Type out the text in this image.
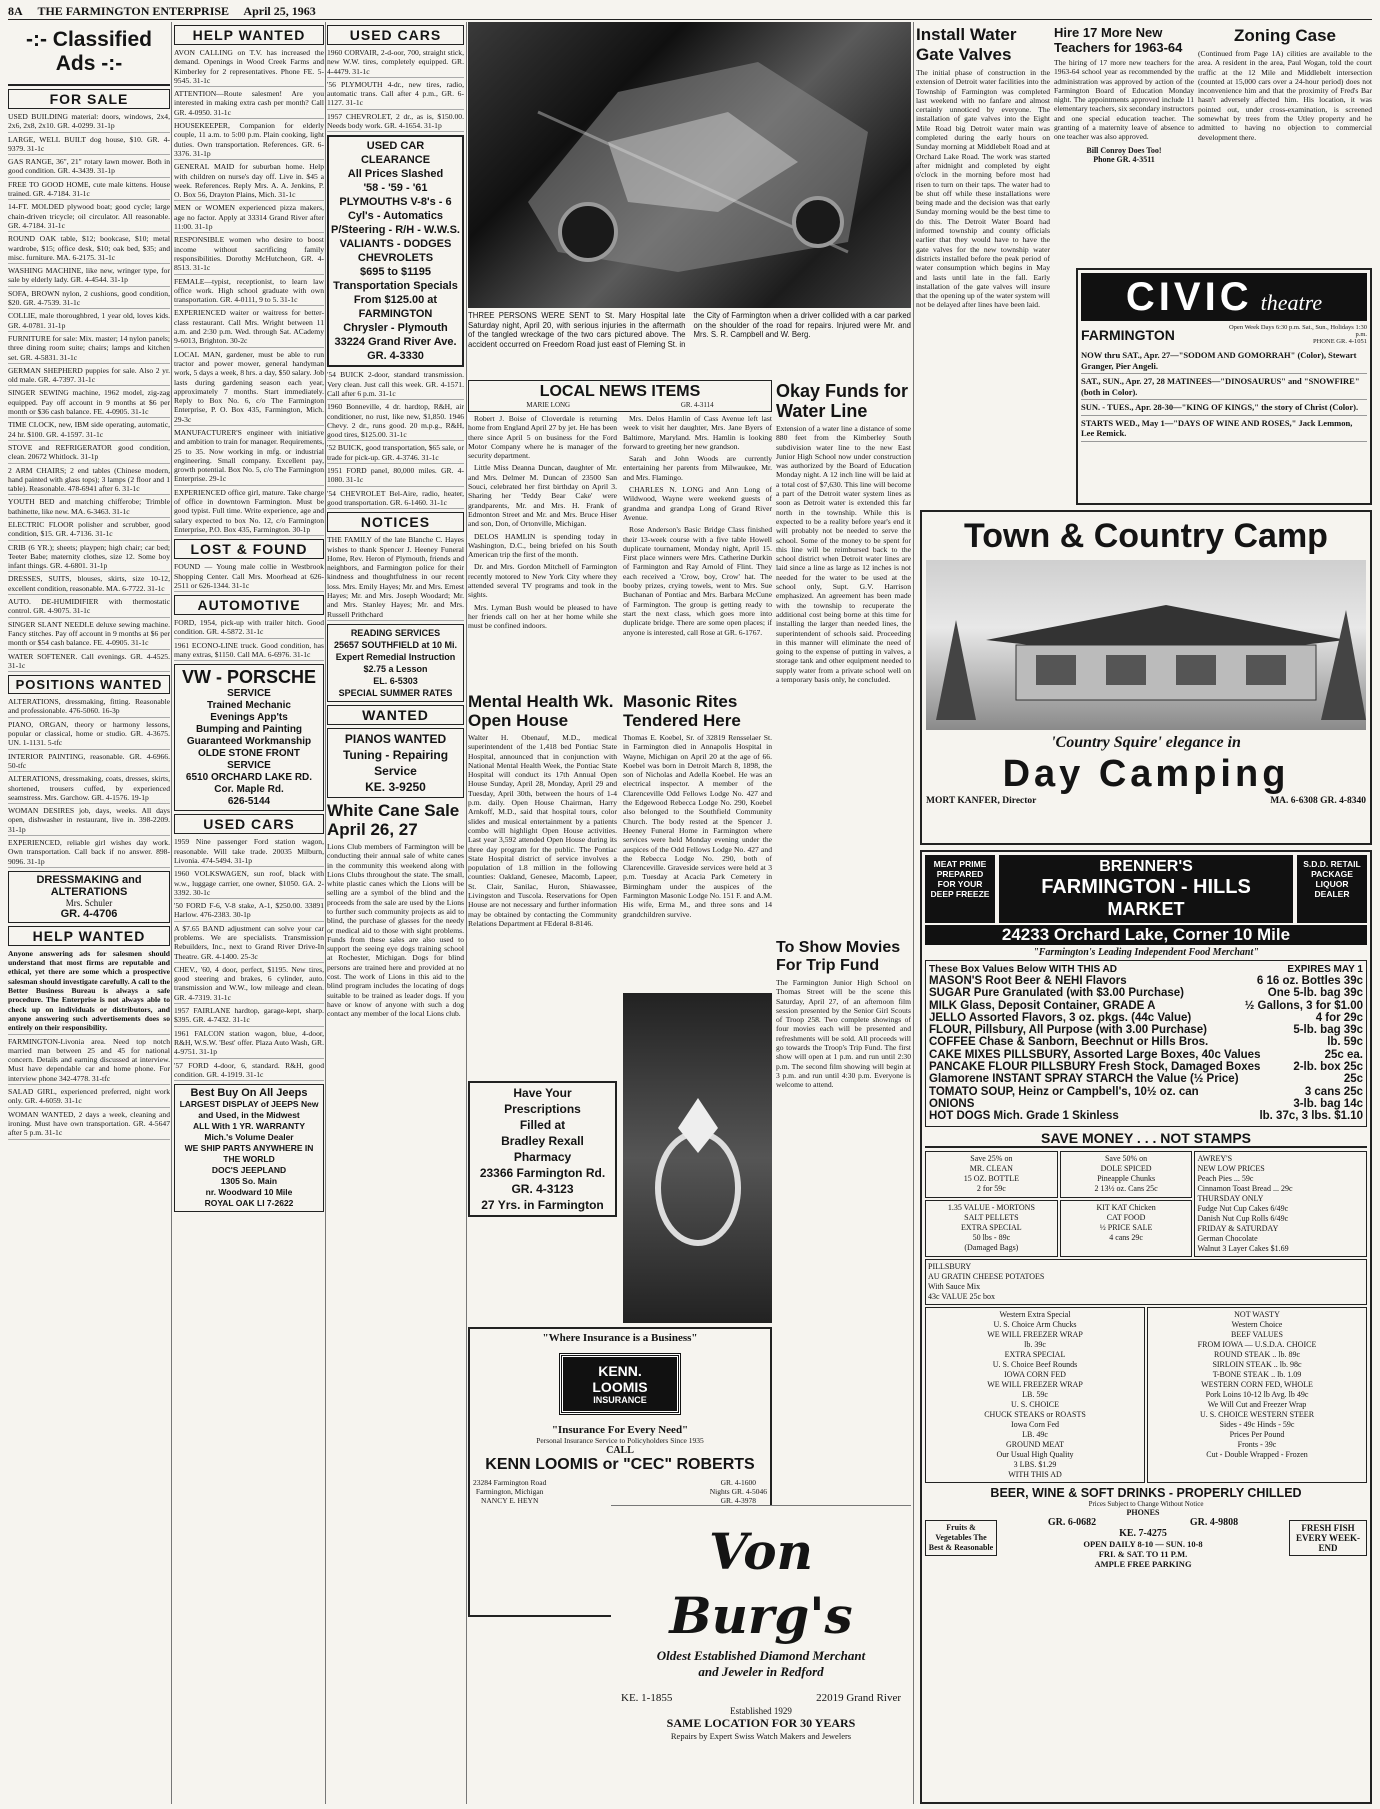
8A THE FARMINGTON ENTERPRISE April 25, 1963
-:- Classified Ads -:-
FOR SALE
USED BUILDING material: doors, windows, 2x4, 2x6, 2x8, 2x10. GR. 4-0299. 31-1p
LARGE, WELL BUILT dog house, $10. GR. 4-9379. 31-1c
GAS RANGE, 36", 21" rotary lawn mower. Both in good condition. GR. 4-3439. 31-1p
FREE TO GOOD HOME, cute male kittens. House trained. GR. 4-7184. 31-1c
14-FT. MOLDED plywood boat; good cycle; large chain-driven tricycle; oil circulator. All reasonable. GR. 4-7184. 31-1c
ROUND OAK table, $12; bookcase, $10; metal wardrobe, $15; office desk, $10; oak bed, $35; and misc. furniture. MA. 6-2175. 31-1c
WASHING MACHINE, like new, wringer type, for sale by elderly lady. GR. 4-4544. 31-1p
SOFA, BROWN nylon, 2 cushions, good condition, $20. GR. 4-7539. 31-1c
COLLIE, male thoroughbred, 1 year old, loves kids. GR. 4-0781. 31-1p
FURNITURE for sale: Mix. master; 14 nylon panels; three dining room suite; chairs; lamps and kitchen set. GR. 4-5831. 31-1c
GERMAN SHEPHERD puppies for sale. Also 2 yr. old male. GR. 4-7397. 31-1c
SINGER SEWING machine, 1962 model, zig-zag equipped. Pay off account in 9 months at $6 per month or $36 cash balance. FE. 4-0905. 31-1c
TIME CLOCK, new, IBM side operating, automatic, 24 hr. $100. GR. 4-1597. 31-1c
STOVE and REFRIGERATOR good condition, clean. 20672 Whitlock. 31-1p
2 ARM CHAIRS; 2 end tables (Chinese modern, hand painted with glass tops); 3 lamps (2 floor and 1 table). Reasonable. 478-6941 after 6. 31-1c
YOUTH BED and matching chifferobe; Trimble bathinette, like new. MA. 6-3463. 31-1c
ELECTRIC FLOOR polisher and scrubber, good condition, $15. GR. 4-7136. 31-1c
CRIB (6 YR.); sheets; playpen; high chair; car bed; Teeter Babe; maternity clothes, size 12. Some boy infant things. GR. 4-6801. 31-1p
DRESSES, SUITS, blouses, skirts, size 10-12, excellent condition, reasonable. MA. 6-7722. 31-1c
AUTO. DE-HUMIDIFIER with thermostatic control. GR. 4-9075. 31-1c
SINGER SLANT NEEDLE deluxe sewing machine. Fancy stitches. Pay off account in 9 months at $6 per month or $54 cash balance. FE. 4-0905. 31-1c
WATER SOFTENER. Call evenings. GR. 4-4525. 31-1c
POSITIONS WANTED
ALTERATIONS, dressmaking, fitting. Reasonable and professionable. 476-5060. 16-3p
PIANO, ORGAN, theory or harmony lessons, popular or classical, home or studio. GR. 4-3675. UN. 1-1131. 5-tfc
INTERIOR PAINTING, reasonable. GR. 4-6966. 50-tfc
ALTERATIONS, dressmaking, coats, dresses, skirts, shortened, trousers cuffed, by experienced seamstress. Mrs. Garchow. GR. 4-1576. 19-1p
WOMAN DESIRES job, days, weeks. All days open, dishwasher in restaurant, live in. 398-2209. 31-1p
EXPERIENCED, reliable girl wishes day work. Own transportation. Call back if no answer. 898-9096. 31-1p
DRESSMAKING and ALTERATIONS
Mrs. Schuler
GR. 4-4706
HELP WANTED
Anyone answering ads for salesmen should understand that most firms are reputable and ethical, yet there are some which a prospective salesman should investigate carefully. A call to the Better Business Bureau is always a safe procedure. The Enterprise is not always able to check up on individuals or distributors, and anyone answering such advertisements does so entirely on their responsibility.
FARMINGTON-Livonia area. Need top notch married man between 25 and 45 for national concern. Details and earning discussed at interview. Must have dependable car and home phone. For interview phone 342-4778. 31-tfc
SALAD GIRL, experienced preferred, night work only. GR. 4-6059. 31-1c
WOMAN WANTED, 2 days a week, cleaning and ironing. Must have own transportation. GR. 4-5647 after 5 p.m. 31-1c
HELP WANTED
AVON CALLING on T.V. has increased the demand. Openings in Wood Creek Farms and Kimberley for 2 representatives. Phone FE. 5-9545. 31-1c
ATTENTION—Route salesmen! Are you interested in making extra cash per month? Call GR. 4-0950. 31-1c
HOUSEKEEPER, Companion for elderly couple, 11 a.m. to 5:00 p.m. Plain cooking, light duties. Own transportation. References. GR. 6-3376. 31-1p
GENERAL MAID for suburban home. Help with children on nurse's day off. Live in. $45 a week. References. Reply Mrs. A. A. Jenkins, P. O. Box 56, Drayton Plains, Mich. 31-1c
MEN or WOMEN experienced pizza makers, age no factor. Apply at 33314 Grand River after 11:00. 31-1p
RESPONSIBLE women who desire to boost income without sacrificing family responsibilities. Dorothy McHutcheon, GR. 4-8513. 31-1c
FEMALE—typist, receptionist, to learn law office work. High school graduate with own transportation. GR. 4-0111, 9 to 5. 31-1c
EXPERIENCED waiter or waitress for better-class restaurant. Call Mrs. Wright between 11 a.m. and 2:30 p.m. Wed. through Sat. ACademy 9-6013, Brighton. 30-2c
LOCAL MAN, gardener, must be able to run tractor and power mower, general handyman work, 5 days a week, 8 hrs. a day, $50 salary. Job lasts during gardening season each year, approximately 7 months. Start immediately. Reply to Box No. 6, c/o The Farmington Enterprise, P. O. Box 435, Farmington, Mich. 29-3c
MANUFACTURER'S engineer with initiative and ambition to train for manager. Requirements, 25 to 35. Now working in mfg. or industrial engineering. Small company. Excellent pay, growth potential. Box No. 5, c/o The Farmington Enterprise. 29-1c
EXPERIENCED office girl, mature. Take charge of office in downtown Farmington. Must be good typist. Full time. Write experience, age and salary expected to box No. 12, c/o Farmington Enterprise, P.O. Box 435, Farmington. 30-1p
LOST & FOUND
FOUND — Young male collie in Westbrook Shopping Center. Call Mrs. Moorhead at 626-2511 or 626-1344. 31-1c
AUTOMOTIVE
FORD, 1954, pick-up with trailer hitch. Good condition. GR. 4-5872. 31-1c
1961 ECONO-LINE truck. Good condition, has many extras, $1150. Call MA. 6-6976. 31-1c
VW - PORSCHE
SERVICE
Trained Mechanic
Evenings App'ts
Bumping and Painting
Guaranteed Workmanship
OLDE STONE FRONT
SERVICE
6510 ORCHARD LAKE RD.
Cor. Maple Rd.
626-5144
USED CARS
1959 Nine passenger Ford station wagon, reasonable. Will take trade. 20035 Milburn, Livonia. 474-5494. 31-1p
1960 VOLKSWAGEN, sun roof, black with w.w., luggage carrier, one owner, $1050. GA. 2-3392. 30-1c
'50 FORD F-6, V-8 stake, A-1, $250.00. 33891 Harlow. 476-2383. 30-1p
A $7.65 BAND adjustment can solve your car problems. We are specialists. Transmission Rebuilders, Inc., next to Grand River Drive-In Theatre. GR. 4-1400. 25-3c
CHEV., '60, 4 door, perfect, $1195. New tires, good steering and brakes, 6 cylinder, auto. transmission and W.W., low mileage and clean. GR. 4-7319. 31-1c
1957 FAIRLANE hardtop, garage-kept, sharp. $395. GR. 4-7432. 31-1c
1961 FALCON station wagon, blue, 4-door, R&H, W.S.W. 'Best' offer. Plaza Auto Wash, GR. 4-9751. 31-1p
'57 FORD 4-door, 6, standard. R&H, good condition. GR. 4-1919. 31-1c
Best Buy On All Jeeps
LARGEST DISPLAY of JEEPS New and Used, in the Midwest
ALL With 1 YR. WARRANTY
Mich.'s Volume Dealer
WE SHIP PARTS ANYWHERE IN THE WORLD
DOC'S JEEPLAND
1305 So. Main
nr. Woodward 10 Mile
ROYAL OAK LI 7-2622
USED CARS
1960 CORVAIR, 2-d-oor, 700, straight stick, new W.W. tires, completely equipped. GR. 4-4479. 31-1c
'56 PLYMOUTH 4-dr., new tires, radio, automatic trans. Call after 4 p.m., GR. 6-1127. 31-1c
1957 CHEVROLET, 2 dr., as is, $150.00. Needs body work. GR. 4-1654. 31-1p
USED CAR
CLEARANCE
All Prices Slashed
'58 - '59 - '61 PLYMOUTHS V-8's - 6 Cyl's - Automatics P/Steering - R/H - W.W.S.
VALIANTS - DODGES
CHEVROLETS
$695 to $1195
Transportation Specials
From $125.00 at
FARMINGTON
Chrysler - Plymouth
33224 Grand River Ave.
GR. 4-3330
'54 BUICK 2-door, standard transmission. Very clean. Just call this week. GR. 4-1571. Call after 6 p.m. 31-1c
1960 Bonneville, 4 dr. hardtop, R&H, air conditioner, no rust, like new, $1,850. 1946 Chevy. 2 dr., runs good. 20 m.p.g., R&H, good tires, $125.00. 31-1c
'52 BUICK, good transportation, $65 sale, or trade for pick-up. GR. 4-3746. 31-1c
1951 FORD panel, 80,000 miles. GR. 4-1080. 31-1c
'54 CHEVROLET Bel-Aire, radio, heater, good transportation. GR. 6-1460. 31-1c
NOTICES
THE FAMILY of the late Blanche C. Hayes wishes to thank Spencer J. Heeney Funeral Home, Rev. Heron of Plymouth, friends and neighbors, and Farmington police for their kindness and thoughtfulness in our recent loss. Mrs. Emily Hayes; Mr. and Mrs. Ernest Hayes; Mr. and Mrs. Joseph Woodard; Mr. and Mrs. Stanley Hayes; Mr. and Mrs. Russell Prithchard
READING SERVICES
25657 SOUTHFIELD at 10 Mi.
Expert Remedial Instruction
$2.75 a Lesson
EL. 6-5303
SPECIAL SUMMER RATES
WANTED
PIANOS WANTED
Tuning - Repairing
Service
KE. 3-9250
White Cane Sale April 26, 27
Lions Club members of Farmington will be conducting their annual sale of white canes in the community this weekend along with Lions Clubs throughout the state. The small, white plastic canes which the Lions will be selling are a symbol of the blind and the proceeds from the sale are used by the Lions to further such community projects as aid to blind, the purchase of glasses for the needy or medical aid to those with sight problems. Funds from these sales are also used to support the seeing eye dogs training school at Rochester, Michigan. Dogs for blind persons are trained here and provided at no cost. The work of Lions in this aid to the blind program includes the locating of dogs suitable to be trained as leader dogs. If you have or know of anyone with such a dog contact any member of the local Lions club.
THREE PERSONS WERE SENT to St. Mary Hospital late Saturday night, April 20, with serious injuries in the aftermath of the tangled wreckage of the two cars pictured above. The accident occurred on Freedom Road just east of Fleming St. in the City of Farmington when a driver collided with a car parked on the shoulder of the road for repairs. Injured were Mr. and Mrs. S. R. Campbell and W. Berg.
LOCAL NEWS ITEMS
MARIE LONG	GR. 4-3114
Robert J. Boise of Cloverdale is returning home from England April 27 by jet. He has been there since April 5 on business for the Ford Motor Company where he is manager of the security department.
Little Miss Deanna Duncan, daughter of Mr. and Mrs. Delmer M. Duncan of 23500 San Souci, celebrated her first birthday on April 3. Sharing her 'Teddy Bear Cake' were grandparents, Mr. and Mrs. H. Frank of Edmonton Street and Mr. and Mrs. Bruce Hiser and son, Don, of Ortonville, Michigan.
DELOS HAMLIN is spending today in Washington, D.C., being briefed on his South American trip the first of the month.
Dr. and Mrs. Gordon Mitchell of Farmington recently motored to New York City where they attended several TV programs and took in the sights.
Mrs. Lyman Bush would be pleased to have her friends call on her at her home while she must be confined indoors.
Mrs. Delos Hamlin of Cass Avenue left last week to visit her daughter, Mrs. Jane Byers of Baltimore, Maryland. Mrs. Hamlin is looking forward to greeting her new grandson.
Sarah and John Woods are currently entertaining her parents from Milwaukee, Mr. and Mrs. Flamingo.
CHARLES N. LONG and Ann Long of Wildwood, Wayne were weekend guests of grandma and grandpa Long of Grand River Avenue.
Rose Anderson's Basic Bridge Class finished their 13-week course with a five table Howell duplicate tournament, Monday night, April 15. First place winners were Mrs. Catherine Durkin of Farmington and Ray Arnold of Flint. They each received a 'Crow, boy, Crow' hat. The booby prizes, crying towels, went to Mrs. Sue Buchanan of Pontiac and Mrs. Barbara McCune of Farmington. The group is getting ready to start the next class, which goes more into duplicate bridge. There are some open places; if anyone is interested, call Rose at GR. 6-1767.
Mental Health Wk. Open House
Walter H. Obenauf, M.D., medical superintendent of the 1,418 bed Pontiac State Hospital, announced that in conjunction with National Mental Health Week, the Pontiac State Hospital will conduct its 17th Annual Open House Sunday, April 28, Monday, April 29 and Tuesday, April 30th, between the hours of 1-4 p.m. daily. Open House Chairman, Harry Arnkoff, M.D., said that hospital tours, color slides and musical entertainment by a patients combo will highlight Open House activities. Last year 3,592 attended Open House during its three day program for the public. The Pontiac State Hospital district of service involves a population of 1.8 million in the following counties: Oakland, Genesee, Macomb, Lapeer, St. Clair, Sanilac, Huron, Shiawassee, Livingston and Tuscola. Reservations for Open House are not necessary and further information may be obtained by contacting the Community Relations Department at FEderal 8-8146.
Have Your
Prescriptions
Filled at
Bradley Rexall
Pharmacy
23366 Farmington Rd.
GR. 4-3123
27 Yrs. in Farmington
Masonic Rites Tendered Here
Thomas E. Koebel, Sr. of 32819 Rensselaer St. in Farmington died in Annapolis Hospital in Wayne, Michigan on April 20 at the age of 66. Koebel was born in Detroit March 8, 1898, the son of Nicholas and Adella Koebel. He was an electrical inspector. A member of the Clarenceville Odd Fellows Lodge No. 427 and the Edgewood Rebecca Lodge No. 290, Koebel also belonged to the Southfield Community Church. The body rested at the Spencer J. Heeney Funeral Home in Farmington where services were held Monday evening under the auspices of the Odd Fellows Lodge No. 427 and the Rebecca Lodge No. 290, both of Clarenceville. Graveside services were held at 3 p.m. Tuesday at Acacia Park Cemetery in Birmingham under the auspices of the Farmington Masonic Lodge No. 151 F. and A.M. His wife, Erma M., and three sons and 14 grandchildren survive.
"Where Insurance is a Business"
KENN. LOOMIS
INSURANCE
"Insurance For Every Need"
Personal Insurance Service to Policyholders Since 1935
CALL
KENN LOOMIS or "CEC" ROBERTS
23284 Farmington Road
Farmington, Michigan
NANCY E. HEYN
GR. 4-1600
Nights GR. 4-5046
GR. 4-3978
Okay Funds for Water Line
Extension of a water line a distance of some 880 feet from the Kimberley South subdivision water line to the new East Junior High School now under construction was authorized by the Board of Education Monday night. A 12 inch line will be laid at a total cost of $7,630. This line will become a part of the Detroit water system lines as soon as Detroit water is extended this far north in the township. While this is expected to be a reality before year's end it will probably not be needed to serve the school. Some of the money to be spent for this line will be reimbursed back to the school district when Detroit water lines are laid since a line as large as 12 inches is not needed for the water to be used at the school only, Supt. G.V. Harrison emphasized. An agreement has been made with the township to recuperate the additional cost being borne at this time for installing the larger than needed lines, the superintendent of schools said. Proceeding in this manner will eliminate the need of going to the expense of putting in valves, a storage tank and other equipment needed to supply water from a private school well on a temporary basis only, he concluded.
To Show Movies For Trip Fund
The Farmington Junior High School on Thomas Street will be the scene this Saturday, April 27, of an afternoon film session presented by the Senior Girl Scouts of Troop 258. Two complete showings of four movies each will be presented and refreshments will be sold. All proceeds will go towards the Troop's Trip Fund. The first show will open at 1 p.m. and run until 2:30 p.m. The second film showing will begin at 3 p.m. and run until 4:30 p.m. Everyone is welcome to attend.
Von Burg's
Oldest Established Diamond Merchant
and Jeweler in Redford
KE. 1-1855	22019 Grand River
Established 1929
SAME LOCATION FOR 30 YEARS
Repairs by Expert Swiss Watch Makers and Jewelers
Install Water Gate Valves
The initial phase of construction in the extension of Detroit water facilities into the Township of Farmington was completed last weekend with no fanfare and almost certainly unnoticed by everyone. The installation of gate valves into the Eight Mile Road big Detroit water main was completed during the early hours on Sunday morning at Middlebelt Road and at Orchard Lake Road. The work was started after midnight and completed by eight o'clock in the morning before most had risen to turn on their taps. The water had to be shut off while these installations were being made and the decision was that early Sunday morning would be the best time to do this. The Detroit Water Board had informed township and county officials earlier that they would have to have the gate valves for the new township water districts installed before the peak period of water consumption which begins in May and lasts until late in the fall. Early installation of the gate valves will insure that the opening up of the water system will not be delayed after lines have been laid.
Hire 17 More New Teachers for 1963-64
The hiring of 17 more new teachers for the 1963-64 school year as recommended by the administration was approved by action of the Farmington Board of Education Monday night. The appointments approved include 11 elementary teachers, six secondary instructors and one special education teacher. The granting of a maternity leave of absence to one teacher was also approved.
Bill Conroy Does Too!
Phone GR. 4-3511
Zoning Case
(Continued from Page 1A) cilities are available to the area. A resident in the area, Paul Wogan, told the court traffic at the 12 Mile and Middlebelt intersection (counted at 15,000 cars over a 24-hour period) does not inconvenience him and that the proximity of Fred's Bar hasn't adversely affected him. His location, it was pointed out, under cross-examination, is screened somewhat by trees from the Utley property and he admitted to having no objection to commercial development there.
CIVIC theatre
FARMINGTON	Open Week Days 6:30 p.m. Sat., Sun., Holidays 1:30 p.m.
PHONE GR. 4-1051
NOW thru SAT., Apr. 27—"SODOM AND GOMORRAH" (Color), Stewart Granger, Pier Angeli.
SAT., SUN., Apr. 27, 28 MATINEES—"DINOSAURUS" and "SNOWFIRE" (both in Color).
SUN. - TUES., Apr. 28-30—"KING OF KINGS," the story of Christ (Color).
STARTS WED., May 1—"DAYS OF WINE AND ROSES," Jack Lemmon, Lee Remick.
Town & Country Camp
'Country Squire' elegance in
Day Camping
MORT KANFER, Director	MA. 6-6308 GR. 4-8340
MEAT PRIME PREPARED FOR YOUR DEEP FREEZE
BRENNER'S
FARMINGTON - HILLS
MARKET
S.D.D. RETAIL PACKAGE LIQUOR DEALER
24233 Orchard Lake, Corner 10 Mile
"Farmington's Leading Independent Food Merchant"
These Box Values Below WITH THIS AD	EXPIRES MAY 1
MASON'S Root Beer & NEHI Flavors	6 16 oz. Bottles 39c
SUGAR Pure Granulated (with $3.00 Purchase)	One 5-lb. bag 39c
MILK Glass, Deposit Container, GRADE A	½ Gallons, 3 for $1.00
JELLO Assorted Flavors, 3 oz. pkgs. (44c Value)	4 for 29c
FLOUR, Pillsbury, All Purpose (with 3.00 Purchase)	5-lb. bag 39c
COFFEE Chase & Sanborn, Beechnut or Hills Bros.	lb. 59c
CAKE MIXES PILLSBURY, Assorted Large Boxes, 40c Values	25c ea.
PANCAKE FLOUR PILLSBURY Fresh Stock, Damaged Boxes	2-lb. box 25c
Glamorene INSTANT SPRAY STARCH the Value (½ Price)	25c
TOMATO SOUP, Heinz or Campbell's, 10½ oz. can	3 cans 25c
ONIONS	3-lb. bag 14c
HOT DOGS Mich. Grade 1 Skinless	lb. 37c, 3 lbs. $1.10
SAVE MONEY . . . NOT STAMPS
Save 25% on
MR. CLEAN
15 OZ. BOTTLE
2 for 59c
Save 50% on
DOLE SPICED
Pineapple Chunks
2 13½ oz. Cans 25c
AWREY'S
NEW LOW PRICES
Peach Pies ... 59c
Cinnamon Toast Bread ... 29c
THURSDAY ONLY
Fudge Nut Cup Cakes 6/49c
Danish Nut Cup Rolls 6/49c
FRIDAY & SATURDAY
German Chocolate
Walnut 3 Layer Cakes $1.69
1.35 VALUE - MORTONS
SALT PELLETS
EXTRA SPECIAL
50 lbs - 89c
(Damaged Bags)
KIT KAT Chicken
CAT FOOD
½ PRICE SALE
4 cans 29c
PILLSBURY
AU GRATIN CHEESE POTATOES
With Sauce Mix
43c VALUE 25c box
Western Extra Special
U. S. Choice Arm Chucks
WE WILL FREEZER WRAP
lb. 39c
EXTRA SPECIAL
U. S. Choice Beef Rounds
IOWA CORN FED
WE WILL FREEZER WRAP
LB. 59c
U. S. CHOICE
CHUCK STEAKS or ROASTS
Iowa Corn Fed
LB. 49c
GROUND MEAT
Our Usual High Quality
3 LBS. $1.29
WITH THIS AD
NOT WASTY
Western Choice
BEEF VALUES
FROM IOWA — U.S.D.A. CHOICE
ROUND STEAK .. lb. 89c
SIRLOIN STEAK .. lb. 98c
T-BONE STEAK .. lb. 1.09
WESTERN CORN FED, WHOLE
Pork Loins 10-12 lb Avg. lb 49c
We Will Cut and Freezer Wrap
U. S. CHOICE WESTERN STEER
Sides - 49c Hinds - 59c
Prices Per Pound
Fronts - 39c
Cut - Double Wrapped - Frozen
BEER, WINE & SOFT DRINKS - PROPERLY CHILLED
Prices Subject to Change Without Notice
Fruits & Vegetables The Best & Reasonable
PHONES
GR. 6-0682	GR. 4-9808
KE. 7-4275
OPEN DAILY 8-10 — SUN. 10-8
FRI. & SAT. TO 11 P.M.
AMPLE FREE PARKING
FRESH FISH EVERY WEEK-END
